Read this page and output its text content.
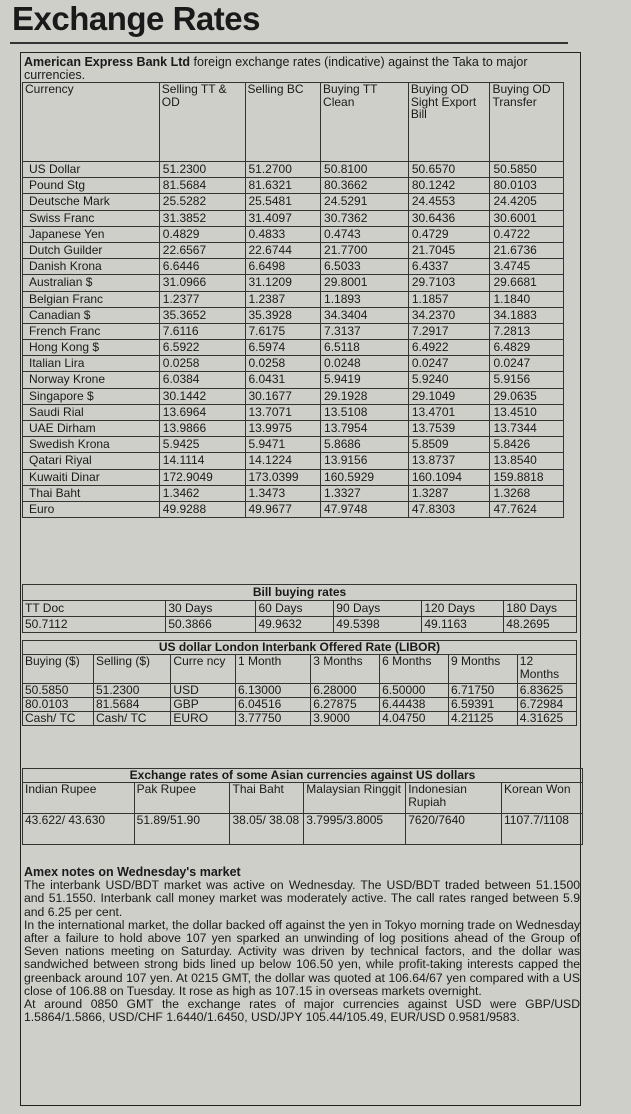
Exchange Rates
American Express Bank Ltd foreign exchange rates (indicative) against the Taka to major currencies.
Currency	Selling TT & OD	Selling BC	Buying TT Clean	Buying OD Sight Export Bill	Buying OD Transfer
US Dollar	51.2300	51.2700	50.8100	50.6570	50.5850
Pound Stg	81.5684	81.6321	80.3662	80.1242	80.0103
Deutsche Mark	25.5282	25.5481	24.5291	24.4553	24.4205
Swiss Franc	31.3852	31.4097	30.7362	30.6436	30.6001
Japanese Yen	0.4829	0.4833	0.4743	0.4729	0.4722
Dutch Guilder	22.6567	22.6744	21.7700	21.7045	21.6736
Danish Krona	6.6446	6.6498	6.5033	6.4337	3.4745
Australian $	31.0966	31.1209	29.8001	29.7103	29.6681
Belgian Franc	1.2377	1.2387	1.1893	1.1857	1.1840
Canadian $	35.3652	35.3928	34.3404	34.2370	34.1883
French Franc	7.6116	7.6175	7.3137	7.2917	7.2813
Hong Kong $	6.5922	6.5974	6.5118	6.4922	6.4829
Italian Lira	0.0258	0.0258	0.0248	0.0247	0.0247
Norway Krone	6.0384	6.0431	5.9419	5.9240	5.9156
Singapore $	30.1442	30.1677	29.1928	29.1049	29.0635
Saudi Rial	13.6964	13.7071	13.5108	13.4701	13.4510
UAE Dirham	13.9866	13.9975	13.7954	13.7539	13.7344
Swedish Krona	5.9425	5.9471	5.8686	5.8509	5.8426
Qatari Riyal	14.1114	14.1224	13.9156	13.8737	13.8540
Kuwaiti Dinar	172.9049	173.0399	160.5929	160.1094	159.8818
Thai Baht	1.3462	1.3473	1.3327	1.3287	1.3268
Euro	49.9288	49.9677	47.9748	47.8303	47.7624
Bill buying rates					
TT Doc	30 Days	60 Days	90 Days	120 Days	180 Days
50.7112	50.3866	49.9632	49.5398	49.1163	48.2695
US dollar London Interbank Offered Rate (LIBOR)							
Buying ($)	Selling ($)	Curre ncy	1 Month	3 Months	6 Months	9 Months	12 Months
50.5850	51.2300	USD	6.13000	6.28000	6.50000	6.71750	6.83625
80.0103	81.5684	GBP	6.04516	6.27875	6.44438	6.59391	6.72984
Cash/ TC	Cash/ TC	EURO	3.77750	3.9000	4.04750	4.21125	4.31625
Exchange rates of some Asian currencies against US dollars					
Indian Rupee	Pak Rupee	Thai Baht	Malaysian Ringgit	Indonesian Rupiah	Korean Won
43.622/ 43.630	51.89/51.90	38.05/ 38.08	3.7995/3.8005	7620/7640	1107.7/1108
Amex notes on Wednesday's market

The interbank USD/BDT market was active on Wednesday. The USD/BDT traded between 51.1500 and 51.1550. Interbank call money market was moderately active. The call rates ranged between 5.9 and 6.25 per cent.

In the international market, the dollar backed off against the yen in Tokyo morning trade on Wednesday after a failure to hold above 107 yen sparked an unwinding of log positions ahead of the Group of Seven nations meeting on Saturday. Activity was driven by technical factors, and the dollar was sandwiched between strong bids lined up below 106.50 yen, while profit-taking interests capped the greenback around 107 yen. At 0215 GMT, the dollar was quoted at 106.64/67 yen compared with a US close of 106.88 on Tuesday. It rose as high as 107.15 in overseas markets overnight.

At around 0850 GMT the exchange rates of major currencies against USD were GBP/USD 1.5864/1.5866, USD/CHF 1.6440/1.6450, USD/JPY 105.44/105.49, EUR/USD 0.9581/9583.
